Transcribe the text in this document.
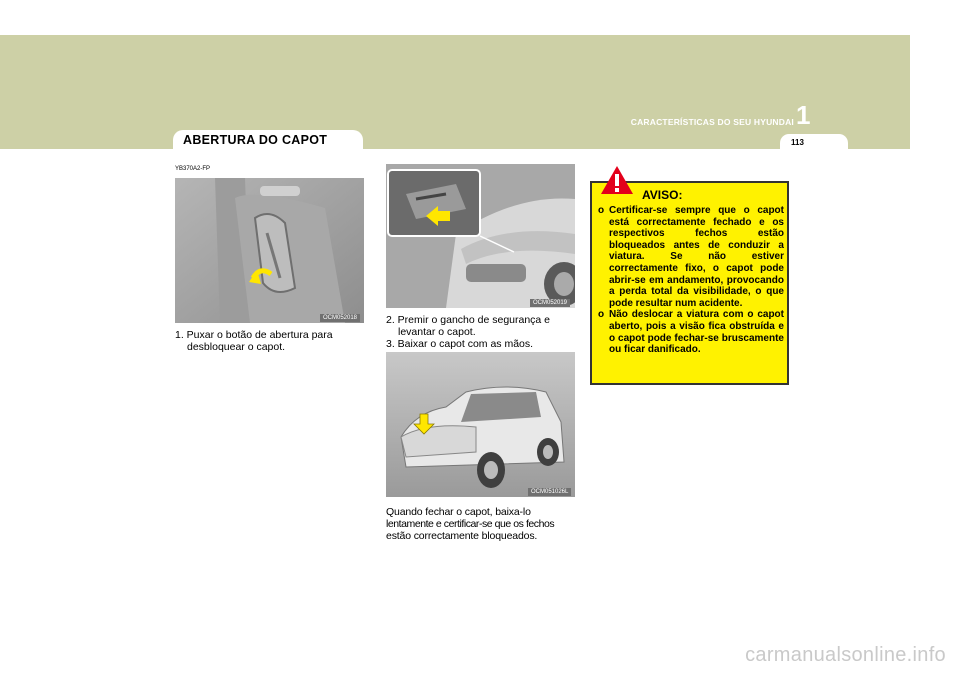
CARACTERÍSTICAS DO SEU HYUNDAI 1
113
ABERTURA DO CAPOT
YB370A2-FP
OCM052018
OCM052019
OCM051026L
1. Puxar o botão de abertura para
desbloquear o capot.
2. Premir o gancho de segurança e
levantar o capot.
3. Baixar o capot com as mãos.
Quando fechar o capot, baixa-lo
lentamente e certificar-se que os fechos
estão correctamente bloqueados.
AVISO:
o Certificar-se sempre que o capot está correctamente fechado e os respectivos fechos estão bloqueados antes de conduzir a viatura. Se não estiver correctamente fixo, o capot pode abrir-se em andamento, provocando a perda total da visibilidade, o que pode resultar num acidente.
o Não deslocar a viatura com o capot aberto, pois a visão fica obstruída e o capot pode fechar-se bruscamente ou ficar danificado.
carmanualsonline.info
